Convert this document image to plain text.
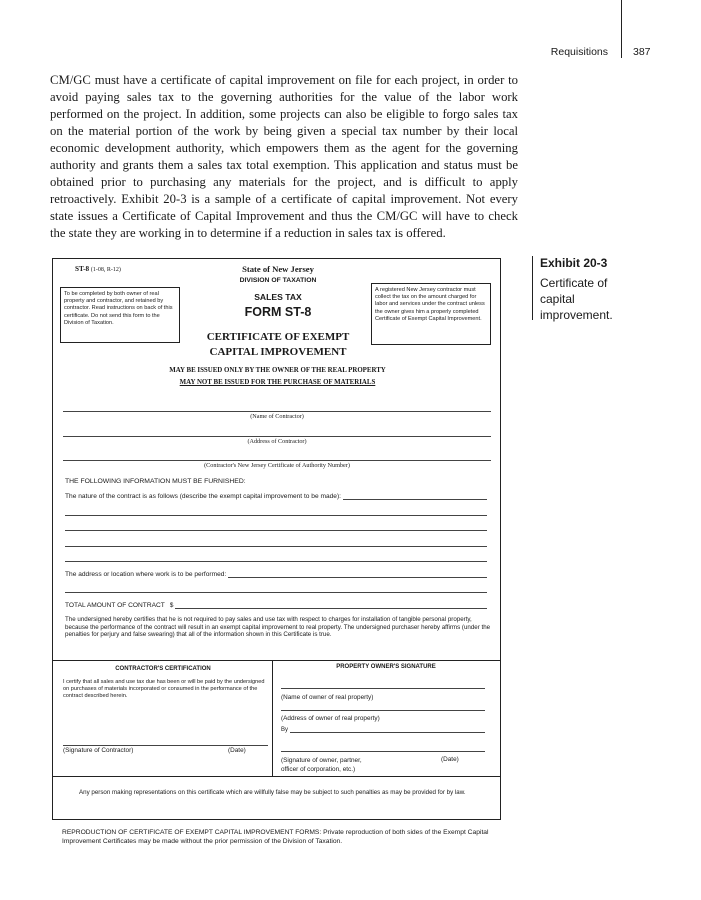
Requisitions 387

CM/GC must have a certificate of capital improvement on file for each project, in order to avoid paying sales tax to the governing authorities for the value of the labor work performed on the project. In addition, some projects can also be eligible to forgo sales tax on the material portion of the work by being given a special tax number by their local economic development authority, which empowers them as the agent for the governing authority and grants them a sales tax total exemption. This application and status must be obtained prior to purchasing any materials for the project, and is difficult to apply retroactively. Exhibit 20-3 is a sample of a certificate of capital improvement. Not every state issues a Certificate of Capital Improvement and thus the CM/GC will have to check the state they are working in to determine if a reduction in sales tax is offered.

Exhibit 20-3
Certificate of capital improvement.
ST-8 (1-08, R-12)	State of New Jersey
DIVISION OF TAXATION
To be completed by both owner of real property and contractor, and retained by contractor. Read instructions on back of this certificate. Do not send this form to the Division of Taxation.
A registered New Jersey contractor must collect the tax on the amount charged for labor and services under the contract unless the owner gives him a properly completed Certificate of Exempt Capital Improvement.
SALES TAX
FORM ST-8
CERTIFICATE OF EXEMPT
CAPITAL IMPROVEMENT
MAY BE ISSUED ONLY BY THE OWNER OF THE REAL PROPERTY
MAY NOT BE ISSUED FOR THE PURCHASE OF MATERIALS
(Name of Contractor)
(Address of Contractor)
(Contractor's New Jersey Certificate of Authority Number)
THE FOLLOWING INFORMATION MUST BE FURNISHED:
The nature of the contract is as follows (describe the exempt capital improvement to be made):
The address or location where work is to be performed:
TOTAL AMOUNT OF CONTRACT $
The undersigned hereby certifies that he is not required to pay sales and use tax with respect to charges for installation of tangible personal property, because the performance of the contract will result in an exempt capital improvement to real property. The undersigned purchaser hereby affirms (under the penalties for perjury and false swearing) that all of the information shown in this Certificate is true.
CONTRACTOR'S CERTIFICATION
I certify that all sales and use tax due has been or will be paid by the undersigned on purchases of materials incorporated or consumed in the performance of the contract described herein.
(Signature of Contractor)	(Date)
PROPERTY OWNER'S SIGNATURE
(Name of owner of real property)
(Address of owner of real property)
By
(Signature of owner, partner,
officer of corporation, etc.)
(Date)
Any person making representations on this certificate which are willfully false may be subject to such penalties as may be provided for by law.
REPRODUCTION OF CERTIFICATE OF EXEMPT CAPITAL IMPROVEMENT FORMS: Private reproduction of both sides of the Exempt Capital Improvement Certificates may be made without the prior permission of the Division of Taxation.
